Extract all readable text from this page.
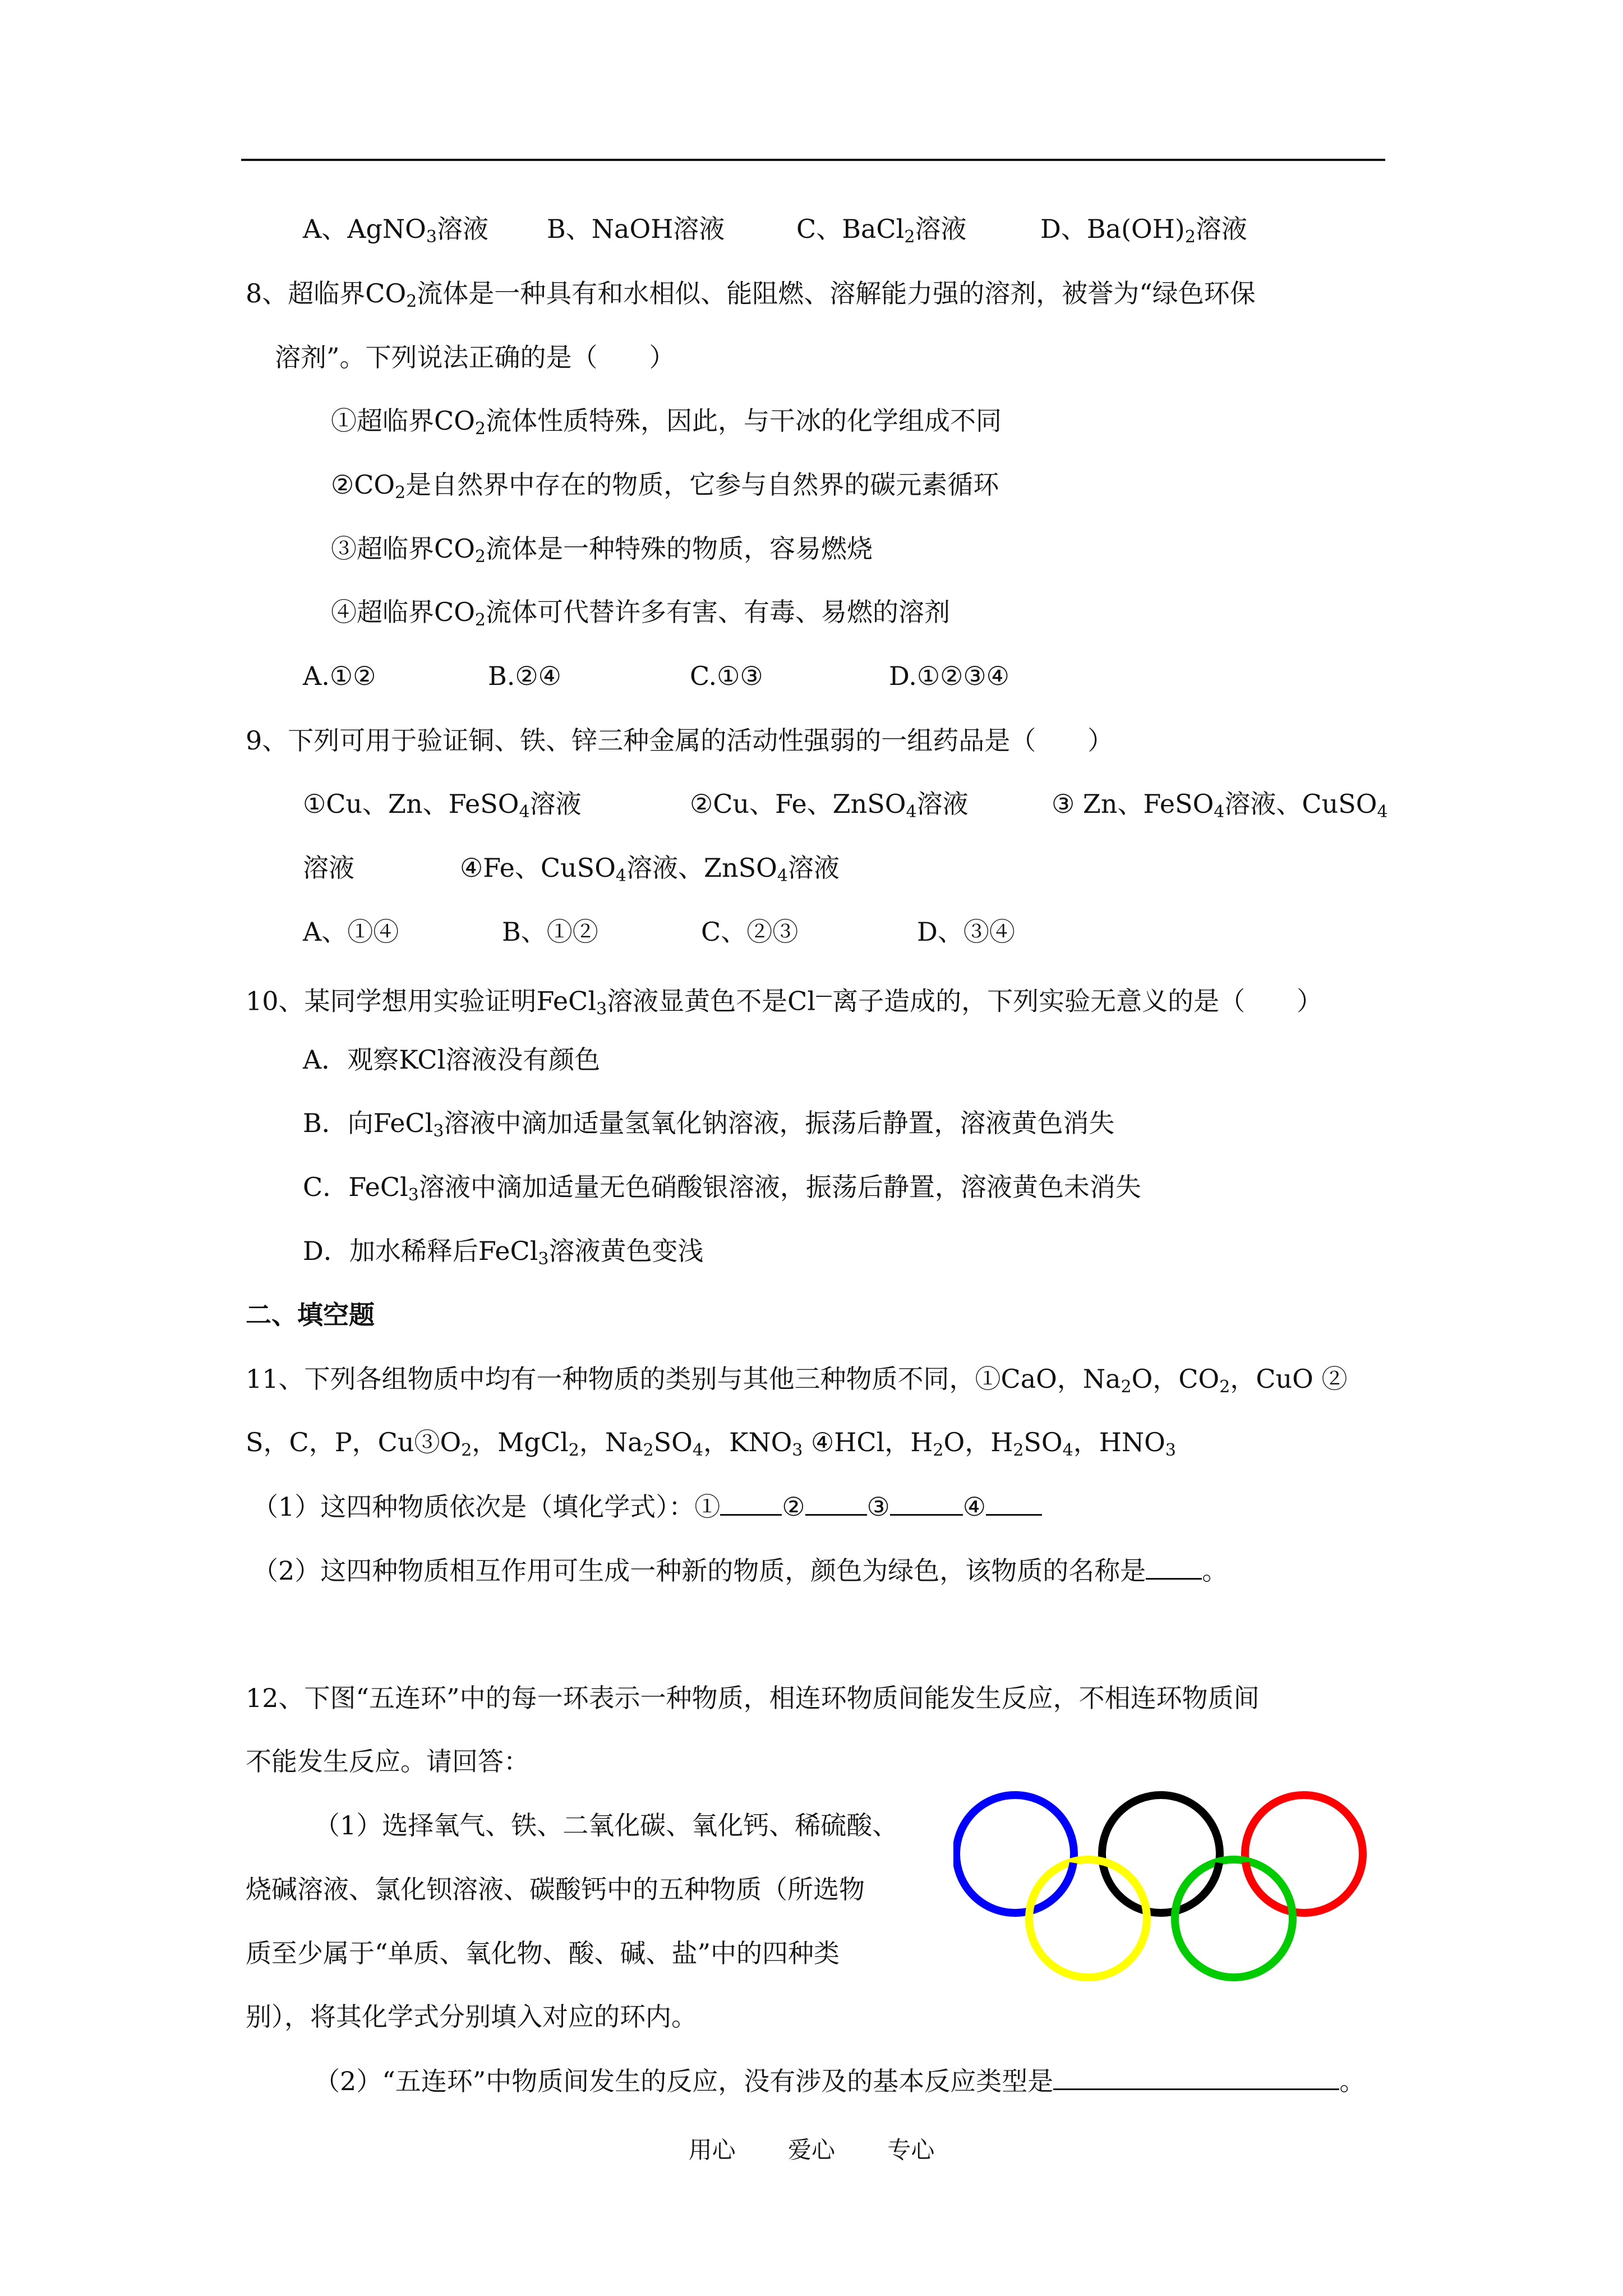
A、AgNO$_3$溶液 B、NaOH溶液	C、BaCl$_2$溶液	D、$Ba(OH)_2$溶液
8、超临界$CO_2$流体是一种具有和水相似、能阻燃、溶解能力强的溶剂，被誉为“绿色环保
溶剂”。下列说法正确的是（　　）
①超临界$CO_2$流体性质特殊，因此，与干冰的化学组成不同
$②CO_2$是自然界中存在的物质，它参与自然界的碳元素循环
③超临界$CO_2$流体是一种特殊的物质，容易燃烧
④超临界$CO_2$流体可代替许多有害、有毒、易燃的溶剂
A.①②	B.②④	C.①③	D.①②③④
9、下列可用于验证铜、铁、锌三种金属的活动性强弱的一组药品是（　　）
①Cu、Zn、FeSO$_4$溶液	②Cu、Fe、ZnSO$_4$溶液	③ Zn、FeSO$_4$溶液、CuSO$_4$
溶液	④Fe、CuSO$_4$溶液、ZnSO$_4$溶液
A、①④	B、①②	C、②③	D、③④
10、某同学想用实验证明FeCl$_3$溶液显黄色不是Cl—离子造成的，下列实验无意义的是（　　）
A．观察KCl溶液没有颜色
B．向FeCl$_3$溶液中滴加适量氢氧化钠溶液，振荡后静置，溶液黄色消失
C．FeCl$_3$溶液中滴加适量无色硝酸银溶液，振荡后静置，溶液黄色未消失
D．加水稀释后FeCl$_3$溶液黄色变浅
二、填空题
11、下列各组物质中均有一种物质的类别与其他三种物质不同，①CaO，$Na_2O$，$CO_2$，CuO ②
S，C，P，$Cu③O_2$，MgCl$_2$，$Na_2SO_4$，$KNO_3$ ④HCl，$H_2O$，$H_2SO_4$，$HNO_3$
（1）这四种物质依次是（填化学式）：① ② ③	④
（2）这四种物质相互作用可生成一种新的物质，颜色为绿色，该物质的名称是 。
12、下图“五连环”中的每一环表示一种物质，相连环物质间能发生反应，不相连环物质间
不能发生反应。请回答：
（1）选择氧气、铁、二氧化碳、氧化钙、稀硫酸、
烧碱溶液、氯化钡溶液、碳酸钙中的五种物质（所选物
质至少属于“单质、氧化物、酸、碱、盐”中的四种类
别），将其化学式分别填入对应的环内。
（2）“五连环”中物质间发生的反应，没有涉及的基本反应类型是	。
用心 爱心 专心
